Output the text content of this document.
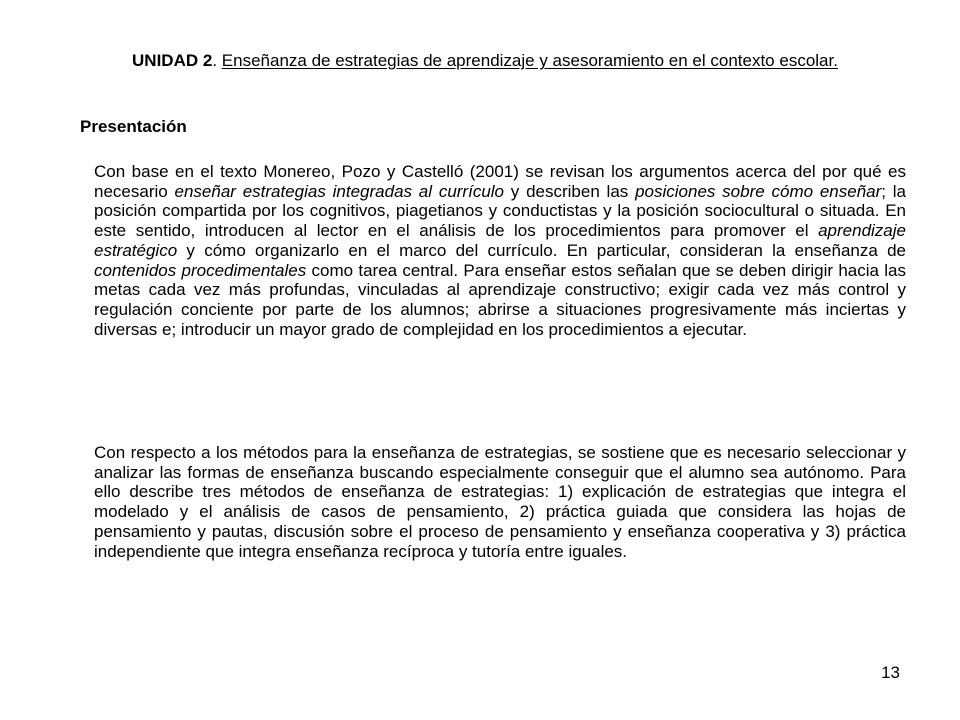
UNIDAD 2. Enseñanza de estrategias de aprendizaje y asesoramiento en el contexto escolar.
Presentación

Con base en el texto Monereo, Pozo y Castelló (2001) se revisan los argumentos acerca del por qué es necesario enseñar estrategias integradas al currículo y describen las posiciones sobre cómo enseñar; la posición compartida por los cognitivos, piagetianos y conductistas y la posición sociocultural o situada. En este sentido, introducen al lector en el análisis de los procedimientos para promover el aprendizaje estratégico y cómo organizarlo en el marco del currículo. En particular, consideran la enseñanza de contenidos procedimentales como tarea central. Para enseñar estos señalan que se deben dirigir hacia las metas cada vez más profundas, vinculadas al aprendizaje constructivo; exigir cada vez más control y regulación conciente por parte de los alumnos; abrirse a situaciones progresivamente más inciertas y diversas e; introducir un mayor grado de complejidad en los procedimientos a ejecutar.

Con respecto a los métodos para la enseñanza de estrategias, se sostiene que es necesario seleccionar y analizar las formas de enseñanza buscando especialmente conseguir que el alumno sea autónomo. Para ello describe tres métodos de enseñanza de estrategias: 1) explicación de estrategias que integra el modelado y el análisis de casos de pensamiento, 2) práctica guiada que considera las hojas de pensamiento y pautas, discusión sobre el proceso de pensamiento y enseñanza cooperativa y 3) práctica independiente que integra enseñanza recíproca y tutoría entre iguales.

13
